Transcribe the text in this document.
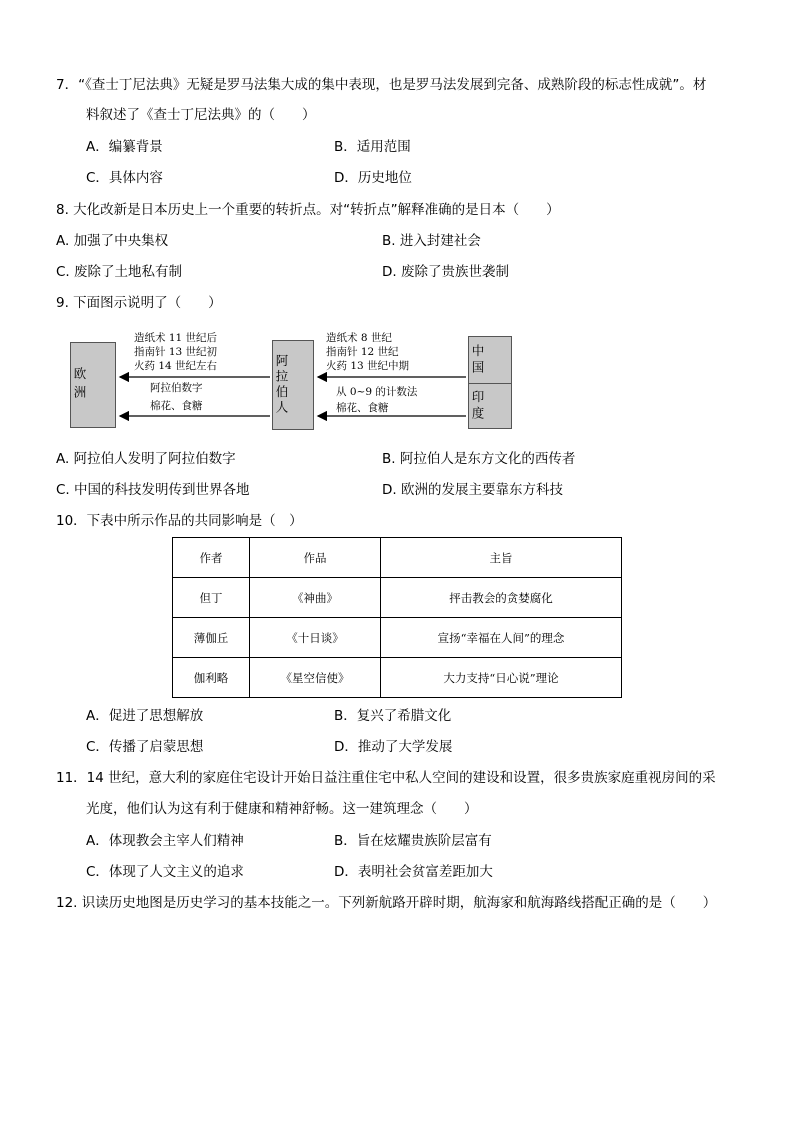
7．“《查士丁尼法典》无疑是罗马法集大成的集中表现，也是罗马法发展到完备、成熟阶段的标志性成就”。材
料叙述了《查士丁尼法典》的（　　）
A．编纂背景	B．适用范围
C．具体内容	D．历史地位
8. 大化改新是日本历史上一个重要的转折点。对“转折点”解释准确的是日本（　　）
A. 加强了中央集权	B. 进入封建社会
C. 废除了土地私有制	D. 废除了贵族世袭制
9. 下面图示说明了（　　）
欧洲	阿拉伯人	中国
印度
造纸术 11 世纪后
指南针 13 世纪初
火药 14 世纪左右
阿拉伯数字
棉花、食糖
造纸术 8 世纪
指南针 12 世纪
火药 13 世纪中期
从 0~9 的计数法
棉花、食糖
A. 阿拉伯人发明了阿拉伯数字	B. 阿拉伯人是东方文化的西传者
C. 中国的科技发明传到世界各地	D. 欧洲的发展主要靠东方科技
10．下表中所示作品的共同影响是（　）
作者	作品	主旨
但丁	《神曲》	抨击教会的贪婪腐化
薄伽丘	《十日谈》	宣扬“幸福在人间”的理念
伽利略	《星空信使》	大力支持“日心说”理论
A．促进了思想解放	B．复兴了希腊文化
C．传播了启蒙思想	D．推动了大学发展
11．14 世纪，意大利的家庭住宅设计开始日益注重住宅中私人空间的建设和设置，很多贵族家庭重视房间的采
光度，他们认为这有利于健康和精神舒畅。这一建筑理念（　　）
A．体现教会主宰人们精神	B．旨在炫耀贵族阶层富有
C．体现了人文主义的追求	D．表明社会贫富差距加大
12. 识读历史地图是历史学习的基本技能之一。下列新航路开辟时期，航海家和航海路线搭配正确的是（　　）
